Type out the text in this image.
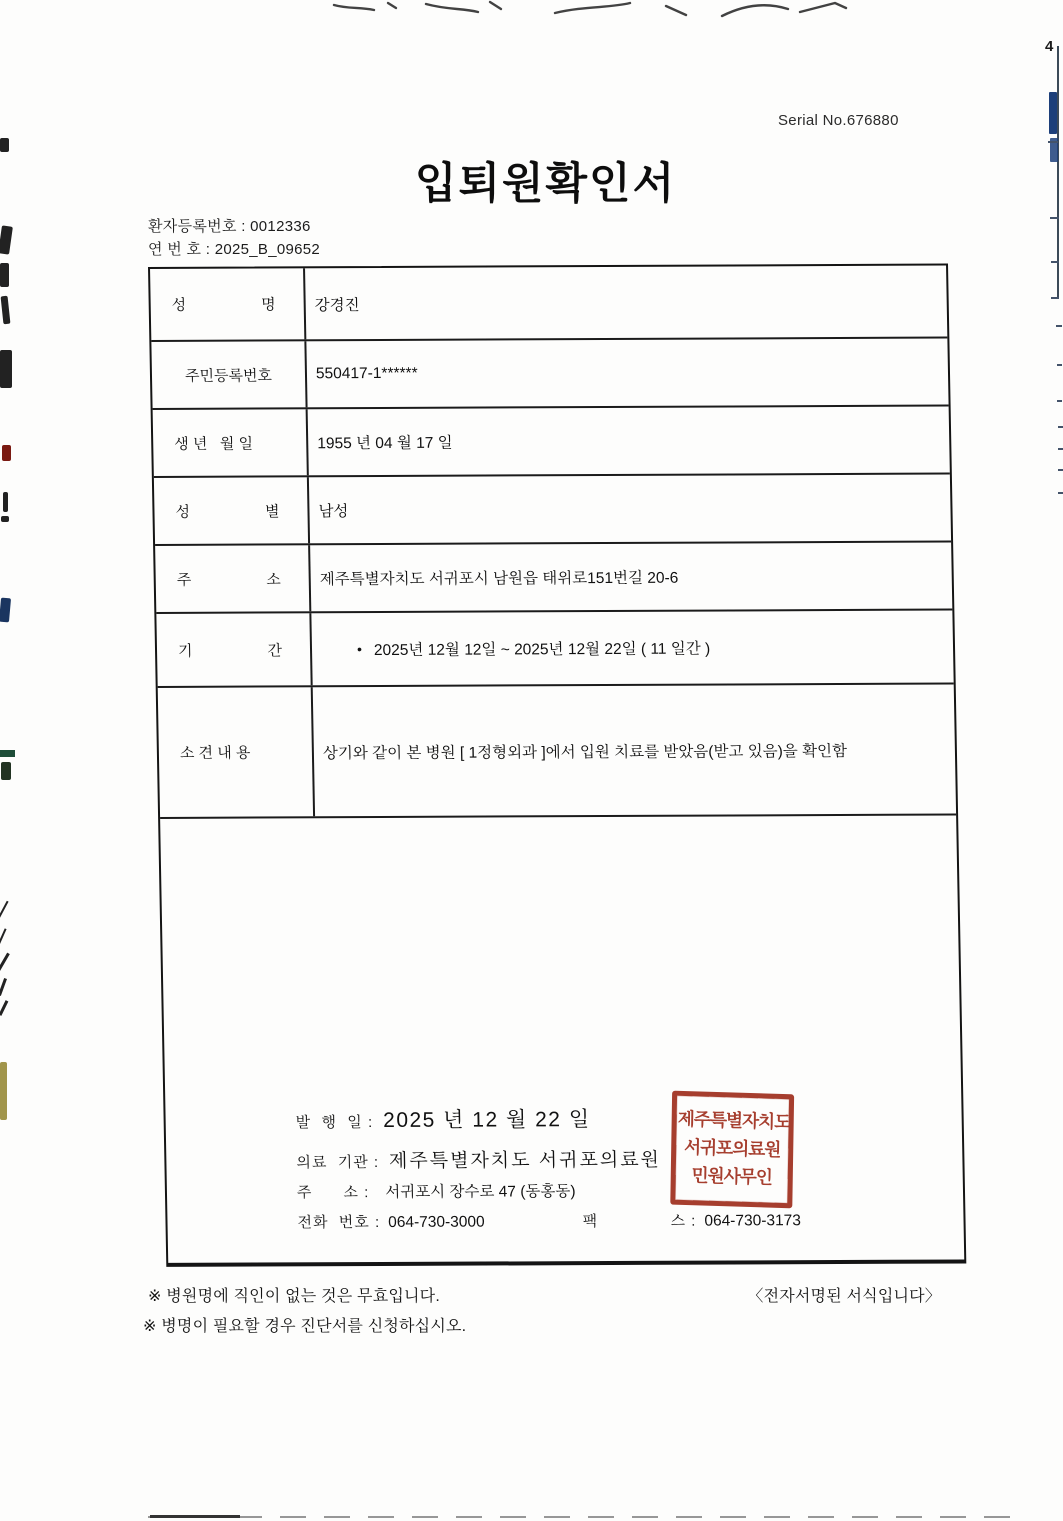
4
Serial No.676880
입퇴원확인서
환자등록번호 : 0012336
연 번 호 : 2025_B_09652
성                  명	강경진
주민등록번호	550417-1******
생 년   월 일	1955 년 04 월 17 일
성                  별	남성
주                  소	제주특별자치도 서귀포시 남원읍 태위로151번길 20-6
기                  간	• 2025년 12월 12일 ~ 2025년 12월 22일 ( 11 일간 )
소 견 내 용	상기와 같이 본 병원 [ 1정형외과 ]에서 입원 치료를 받았음(받고 있음)을 확인함
발  행  일 : 2025 년 12 월 22 일
의료  기관 : 제주특별자치도 서귀포의료원
주      소 : 서귀포시 장수로 47 (동홍동)
전화  번호 : 064-730-3000	팩              스 : 064-730-3173
제주특별자치도
서귀포의료원
민원사무인
※ 병원명에 직인이 없는 것은 무효입니다.	〈전자서명된 서식입니다〉
※ 병명이 필요할 경우 진단서를 신청하십시오.
